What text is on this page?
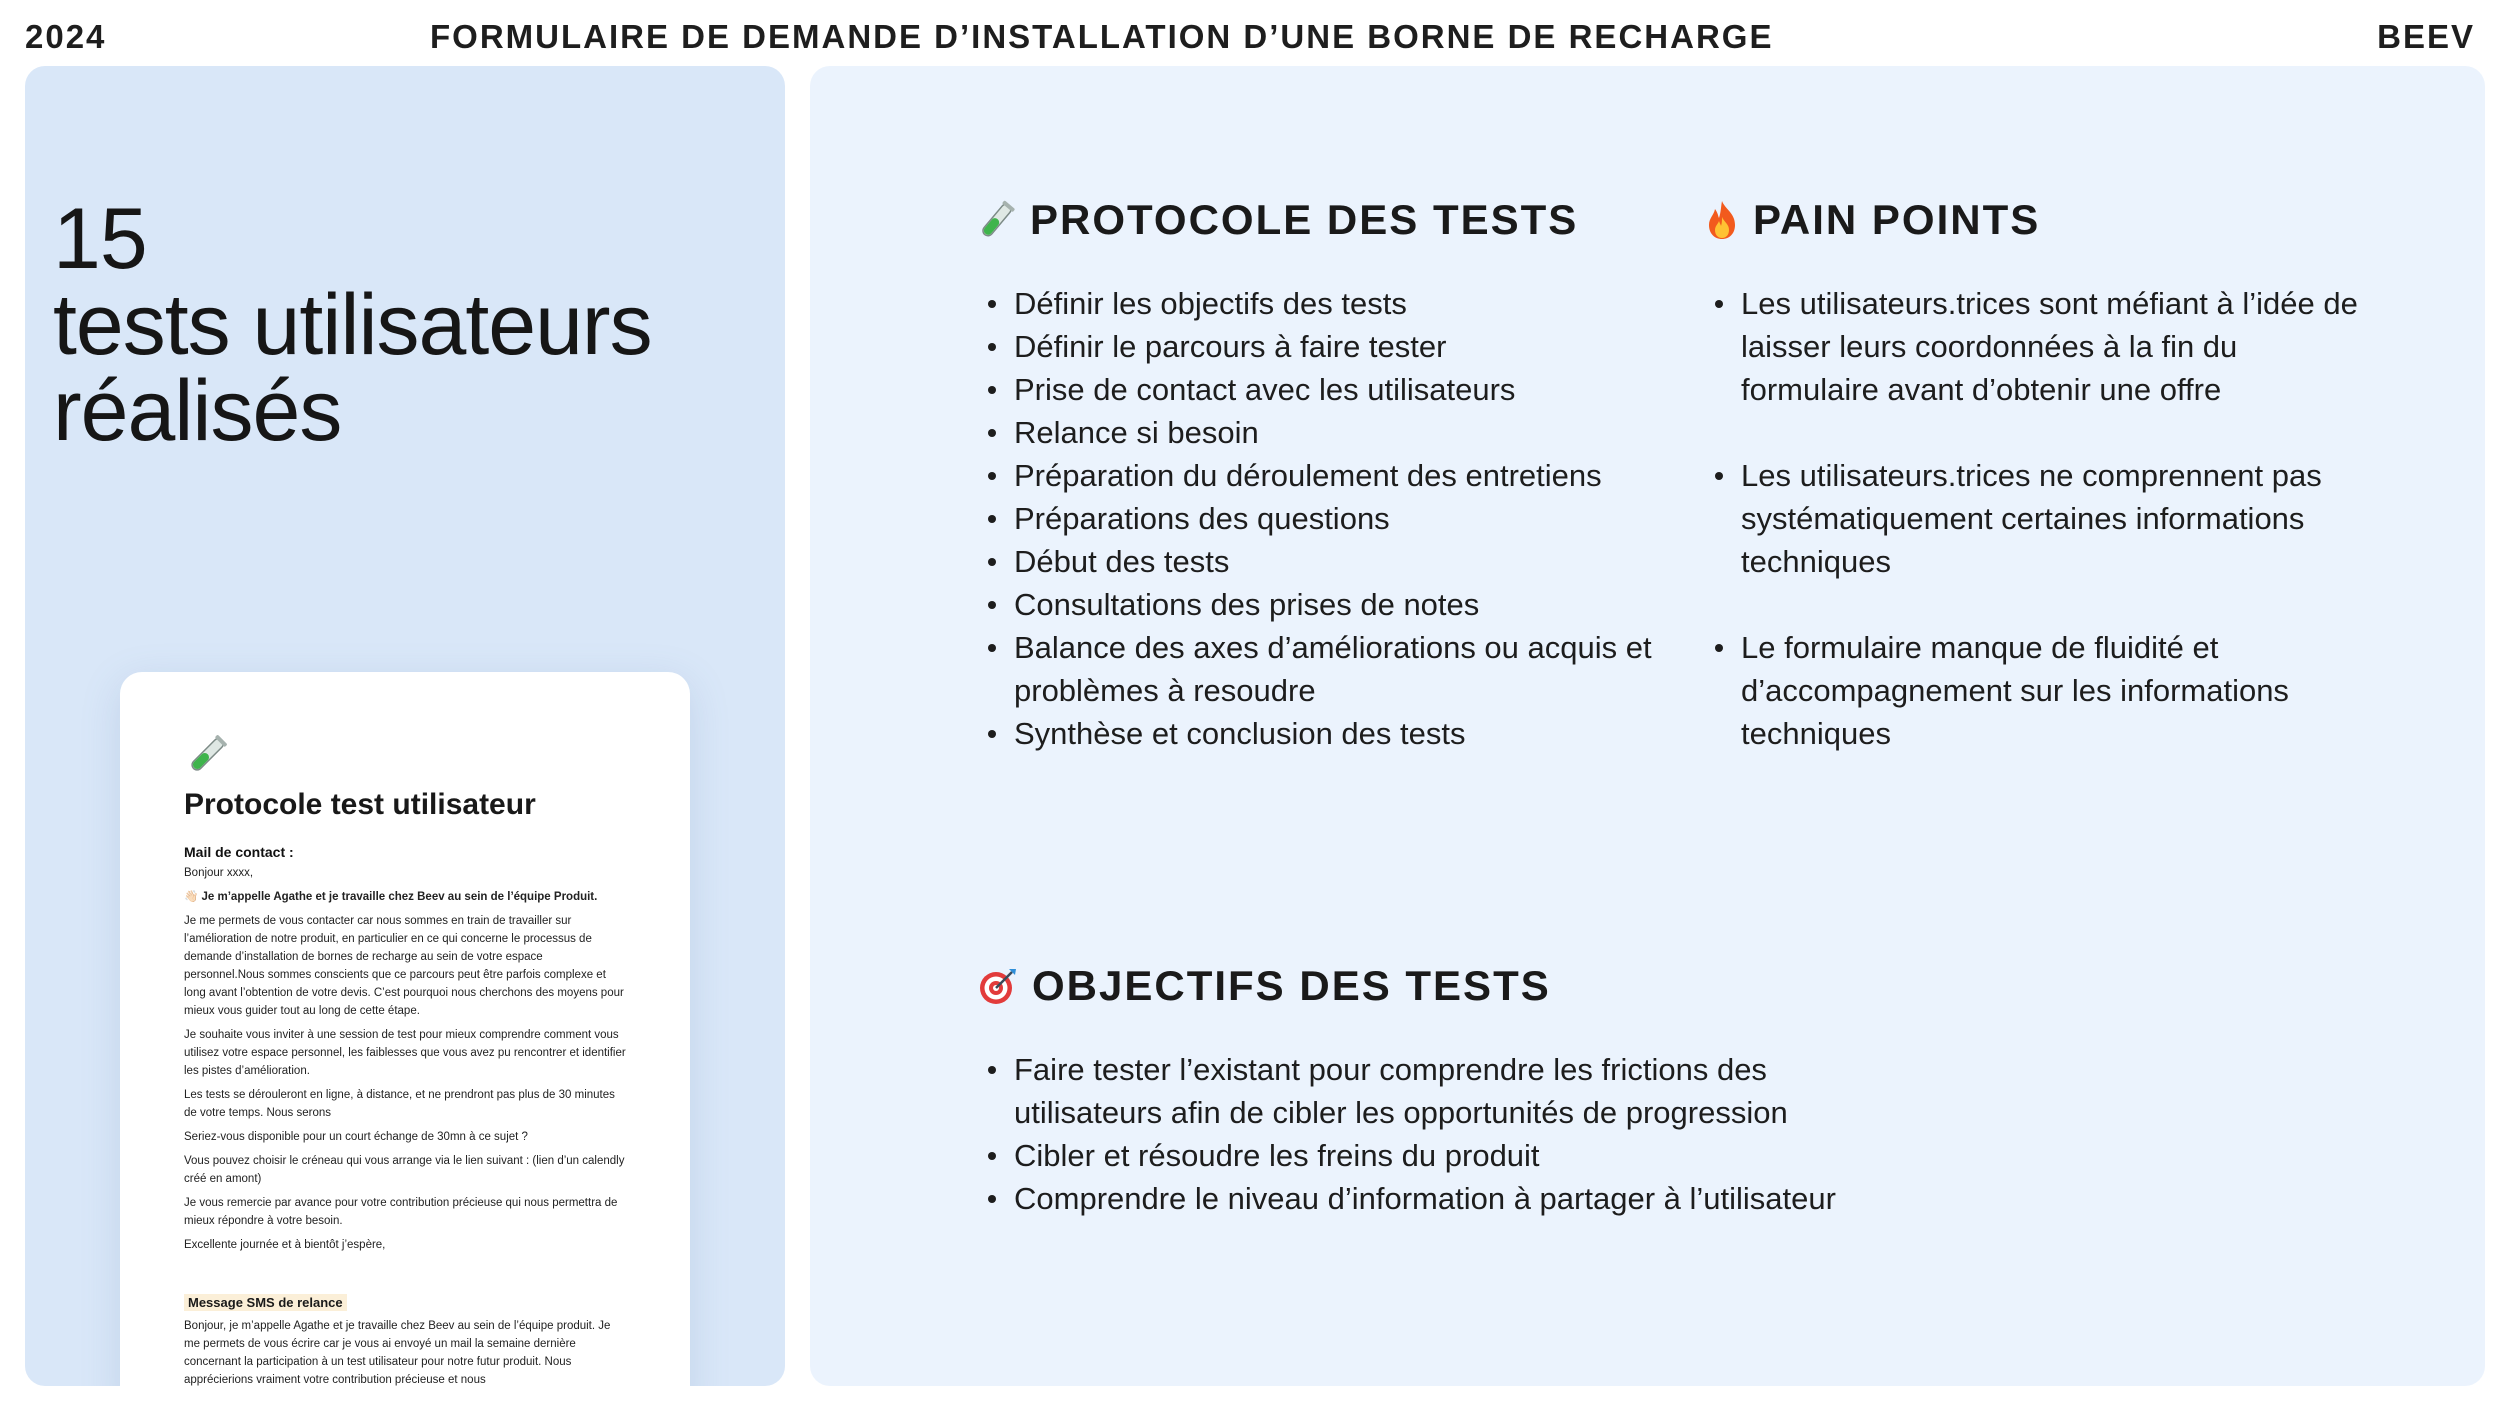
2024	FORMULAIRE DE DEMANDE D’INSTALLATION D’UNE BORNE DE RECHARGE	BEEV
15
tests utilisateurs réalisés
Protocole test utilisateur
Mail de contact :
Bonjour xxxx,
👋🏻 Je m’appelle Agathe et je travaille chez Beev au sein de l’équipe Produit.
Je me permets de vous contacter car nous sommes en train de travailler sur l’amélioration de notre produit, en particulier en ce qui concerne le processus de demande d’installation de bornes de recharge au sein de votre espace personnel.Nous sommes conscients que ce parcours peut être parfois complexe et long avant l’obtention de votre devis. C’est pourquoi nous cherchons des moyens pour mieux vous guider tout au long de cette étape.
Je souhaite vous inviter à une session de test pour mieux comprendre comment vous utilisez votre espace personnel, les faiblesses que vous avez pu rencontrer et identifier les pistes d’amélioration.
Les tests se dérouleront en ligne, à distance, et ne prendront pas plus de 30 minutes de votre temps. Nous serons
Seriez-vous disponible pour un court échange de 30mn à ce sujet ?
Vous pouvez choisir le créneau qui vous arrange via le lien suivant : (lien d’un calendly créé en amont)
Je vous remercie par avance pour votre contribution précieuse qui nous permettra de mieux répondre à votre besoin.
Excellente journée et à bientôt j’espère,
Message SMS de relance
Bonjour, je m’appelle Agathe et je travaille chez Beev au sein de l’équipe produit. Je me permets de vous écrire car je vous ai envoyé un mail la semaine dernière concernant la participation à un test utilisateur pour notre futur produit. Nous apprécierions vraiment votre contribution précieuse et nous
PROTOCOLE DES TESTS
Définir les objectifs des tests
Définir le parcours à faire tester
Prise de contact avec les utilisateurs
Relance si besoin
Préparation du déroulement des entretiens
Préparations des questions
Début des tests
Consultations des prises de notes
Balance des axes d’améliorations ou acquis et problèmes à resoudre
Synthèse et conclusion des tests
PAIN POINTS
Les utilisateurs.trices sont méfiant à l’idée de laisser leurs coordonnées à la fin du formulaire avant d’obtenir une offre
Les utilisateurs.trices ne comprennent pas systématiquement certaines informations techniques
Le formulaire manque de fluidité et d’accompagnement sur les informations techniques
OBJECTIFS DES TESTS
Faire tester l’existant pour comprendre les frictions des utilisateurs afin de cibler les opportunités de progression
Cibler et résoudre les freins du produit
Comprendre le niveau d’information à partager à l’utilisateur
